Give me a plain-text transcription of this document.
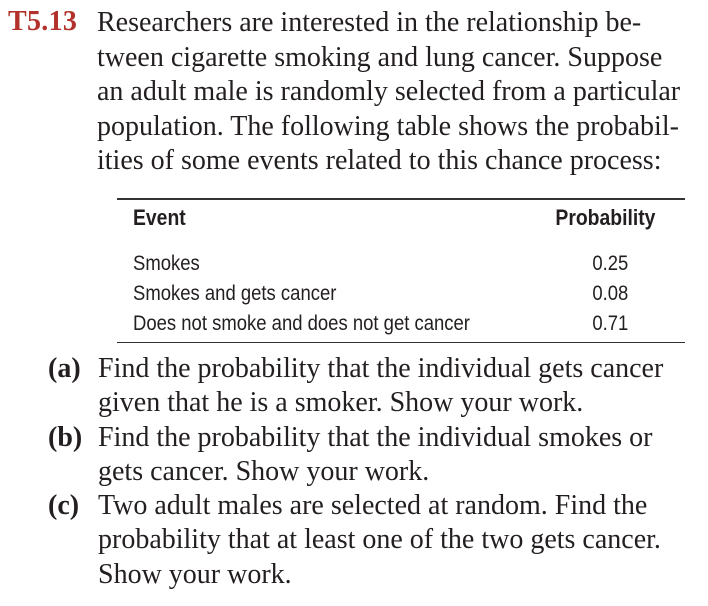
T5.13 Researchers are interested in the relationship be-
tween cigarette smoking and lung cancer. Suppose
an adult male is randomly selected from a particular
population. The following table shows the probabil-
ities of some events related to this chance process:
Event	Probability
Smokes	0.25
Smokes and gets cancer	0.08
Does not smoke and does not get cancer	0.71
(a) Find the probability that the individual gets cancer
given that he is a smoker. Show your work.
(b) Find the probability that the individual smokes or
gets cancer. Show your work.
(c) Two adult males are selected at random. Find the
probability that at least one of the two gets cancer.
Show your work.
